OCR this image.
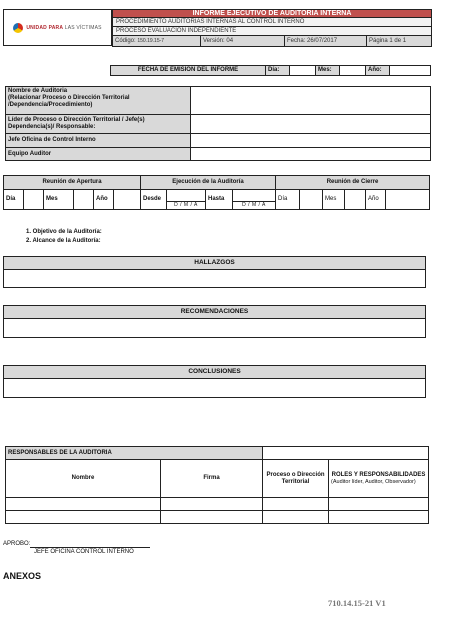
UNIDAD PARA LAS VÍCTIMAS
INFORME EJECUTIVO DE AUDITORIA INTERNA
PROCEDIMIENTO AUDITORIAS INTERNAS AL CONTROL INTERNO
PROCESO EVALUACIÓN INDEPENDIENTE
Código: 150.19.15-7	Versión: 04	Fecha: 26/07/2017	Página 1 de 1
FECHA DE EMISIÓN DEL INFORME	Día:		Mes:		Año:	
Nombre de Auditoria
(Relacionar Proceso o Dirección Territorial /Dependencia/Procedimiento)	
Líder de Proceso o Dirección Territorial / Jefe(s) Dependencia(s)/ Responsable:	
Jefe Oficina de Control Interno	
Equipo Auditor	
Reunión de Apertura						Ejecución de la Auditoría				Reunión de Cierre					
Día		Mes		Año		Desde	D / M / A	Hasta	D / M / A	Día		Mes		Año	
1. Objetivo de la Auditoría:
2. Alcance de la Auditoría:
HALLAZGOS
RECOMENDACIONES
CONCLUSIONES
RESPONSABLES DE LA AUDITORIA			
Nombre	Firma	Proceso o Dirección Territorial	ROLES Y RESPONSABILIDADES
(Auditor líder, Auditor, Observador)

APROBO:
JEFE OFICINA CONTROL INTERNO
ANEXOS
710.14.15-21 V1
